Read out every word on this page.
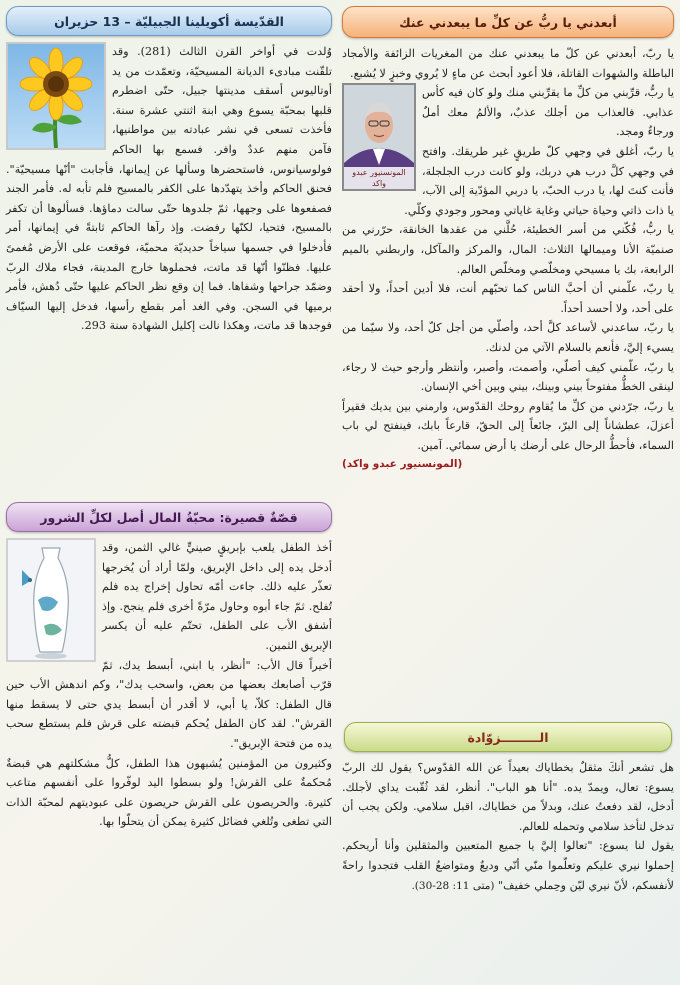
أبعدني يا ربُّ عن كلِّ ما يبعدني عنك

يا ربّ، أبعدني عن كلّ ما يبعدني عنك من المغريات الزائفة والأمجاد الباطلة والشهوات القاتلة، فلا أعود أبحث عن ماءٍ لا يُروي وخبزٍ لا يُشبع.

المونسنيور عبدو واكد

يا ربُّ، قرِّبني من كلِّ ما يقرِّبني منك ولو كان فيه كأس عذابي. فالعذاب من أجلك عذبٌ، والألمُ معك أملٌ ورجاءٌ ومجد.

يا ربّ، أغلق في وجهي كلّ طريقٍ غير طريقك. وافتح في وجهي كلَّ درب هي دربك، ولو كانت درب الجلجلة، فأنت كنتَ لها، يا درب الحبّ، يا دربي المؤدّية إلى الآب، يا ذات ذاتي وحياة حياتي وغاية غاياتي ومحور وجودي وكلّي.

يا ربُّ، فُكّني من أسر الخطيئة، حُلَّني من عقدها الخانقة، حرّرني من صنميّة الأنا وميمالها الثلاث: المال، والمركز والمآكل، واربطني بالميم الرابعة، بك يا مسيحي ومخلّصي ومخلّص العالم.

يا ربّ، علّمني أن أحبَّ الناس كما تحبّهم أنت، فلا أدين أحداً، ولا أحقد على أحد، ولا أحسد أحداً.

يا ربّ، ساعدني لأساعد كلَّ أحد، وأصلّي من أجل كلّ أحد، ولا سيّما من يسيء إليَّ، فأنعم بالسلام الآتي من لدنك.

يا ربّ، علّمني كيف أصلّي، وأصمت، وأصبر، وأنتظر وأرجو حيث لا رجاء، لينقى الخطُّ مفتوحاً بيني وبينك، بيني وبين أخي الإنسان.

يا ربّ، جرّدني من كلِّ ما يُقاوم روحك القدّوس، وارمني بين يديك فقيراً أعزلَ، عطشاناً إلى البرّ، جائعاً إلى الحقّ، قارعاً بابك، فينفتح لي باب السماء، فأحطُّ الرحال على أرضك يا أرض سمائي. آمين.
(المونسنيور عبدو واكد)

الـــــــــزوّادة

هل تشعر أنكَ مثقلٌ بخطاياك بعيداً عن الله القدّوس؟ يقول لك الربّ يسوع: تعال، ويمدّ يده. "أنا هو الباب". أنظر، لقد ثُقّبت يداي لأجلك. أدخل، لقد دفعتُ عنك، وبدلاً من خطاياك، اقبل سلامي. ولكن يجب أن تدخل لتأخذ سلامي وتحمله للعالم.

يقول لنا يسوع: "تعالوا إليَّ يا جميع المتعبين والمثقلين وأنا أريحكم. إحملوا نيري عليكم وتعلّموا منّي أنّي وديعٌ ومتواضعُ القلب فتجدوا راحةً لأنفسكم، لأنّ نيري ليّن وحِملي خفيف" (متى 11: 28-30).

القدّيسة أكويلينا الجبيليّة – 13 حزيران

وُلدت في أواخر القرن الثالث (281). وقد تلقّنت مبادىء الديانة المسيحيّة، وتعمّدت من يد أوتاليوس أسقف مدينتها جبيل، حتّى اضطرم قلبها بمحبّة يسوع وهي ابنة اثنتي عشرة سنة. فأخذت تسعى في نشر عبادته بين مواطنيها، فآمن منهم عددٌ وافر. فسمع بها الحاكم فولوسيانوس، فاستحضرها وسألها عن إيمانها، فأجابت "أنّها مسيحيّة". فحنق الحاكم وأخذ يتهدّدها على الكفر بالمسيح فلم تأبه له. فأمر الجند فصفعوها على وجهها، ثمّ جلدوها حتّى سالت دماؤها. فسألوها أن تكفر بالمسيح، فتحيا، لكنّها رفضت. وإذ رآها الحاكم ثابتةً في إيمانها، أمر فأدخلوا في جسمها سياخاً حديديّة محميّة، فوقعت على الأرض مُغمىً عليها. فظنّوا أنّها قد ماتت، فحملوها خارج المدينة، فجاء ملاك الربّ وضمّد جراحها وشفاها. فما إن وقع نظر الحاكم عليها حتّى دُهش، فأمر برميها في السجن. وفي الغد أمر بقطع رأسها، فدخل إليها السيّاف فوجدها قد ماتت، وهكذا نالت إكليل الشهادة سنة 293.

قصّةٌ قصيرة: محبّةُ المال أصل لكلِّ الشرور

أخذ الطفل يلعب بإبريقٍ صينيٍّ غالي الثمن، وقد أدخل يده إلى داخل الإبريق، ولمّا أراد أن يُخرجها تعذّر عليه ذلك. جاءت أمّه تحاول إخراج يده فلم تُفلح. ثمّ جاء أبوه وحاول مرّةً أخرى فلم ينجح. وإذ أشفق الأب على الطفل، تحتّم عليه أن يكسر الإبريق الثمين.

أخيراً قال الأب: "أنظر، يا ابني، أبسط يدك، ثمّ قرّب أصابعك بعضها من بعض، واسحب يدك"، وكم اندهش الأب حين قال الطفل: كلاّ، يا أبي، لا أقدر أن أبسط يدي حتى لا يسقط منها القرش". لقد كان الطفل يُحكم قبضته على قرش فلم يستطع سحب يده من فتحة الإبريق".

وكثيرون من المؤمنين يُشبهون هذا الطفل، كلُّ مشكلتهم هي قبضةٌ مُحكمةٌ على القرش! ولو بسطوا اليد لوفّروا على أنفسهم متاعب كثيرة. والحريصون على القرش حريصون على عبوديتهم لمحبّة الذات التي تطغى وتُلغي فضائل كثيرة يمكن أن يتحلّوا بها.
